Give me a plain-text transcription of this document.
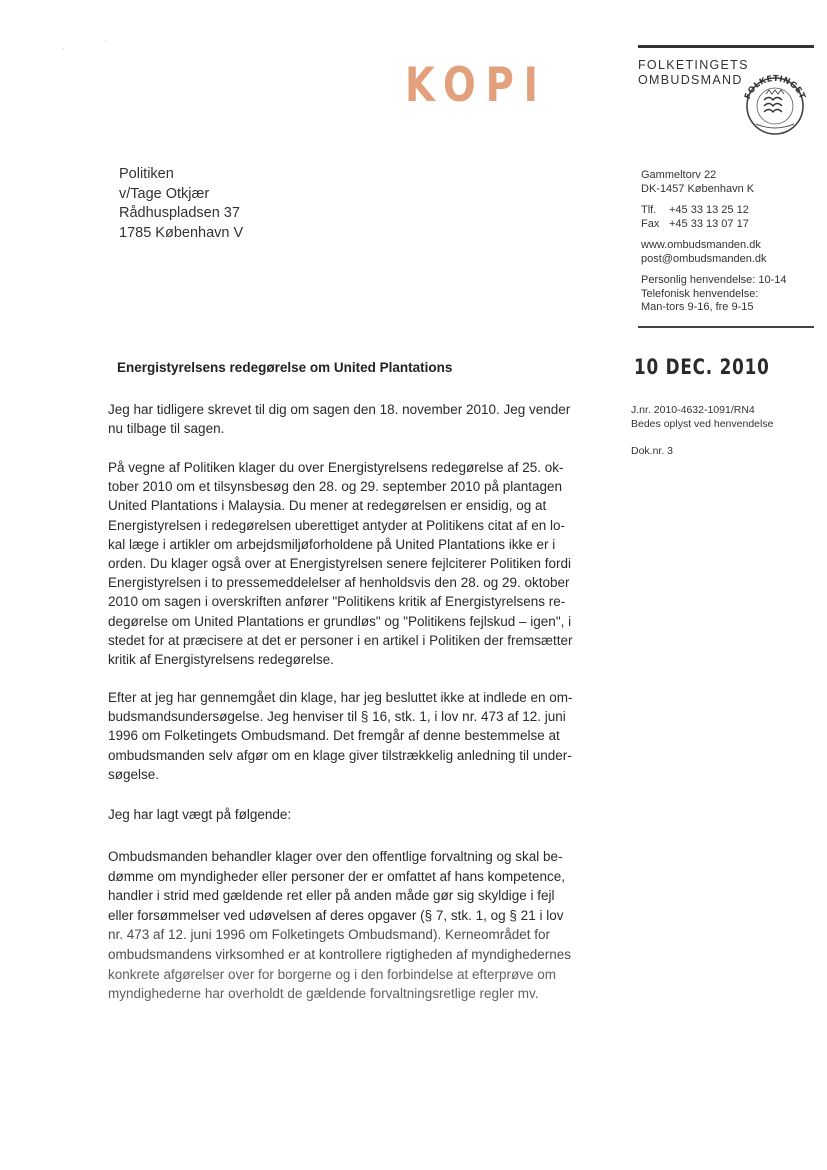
·
·
KOPI	FOLKETINGETS
OMBUDSMAND
FOLKETINGET
Politiken
v/Tage Otkjær
Rådhuspladsen 37
1785 København V
Gammeltorv 22
DK-1457 København K
Tlf.	+45 33 13 25 12
Fax +45 33 13 07 17
www.ombudsmanden.dk
post@ombudsmanden.dk
Personlig henvendelse: 10-14
Telefonisk henvendelse:
Man-tors 9-16, fre 9-15
Energistyrelsens redegørelse om United Plantations	10 DEC. 2010
J.nr. 2010-4632-1091/RN4
Bedes oplyst ved henvendelse
Dok.nr. 3
Jeg har tidligere skrevet til dig om sagen den 18. november 2010. Jeg vender
nu tilbage til sagen.
På vegne af Politiken klager du over Energistyrelsens redegørelse af 25. ok-
tober 2010 om et tilsynsbesøg den 28. og 29. september 2010 på plantagen
United Plantations i Malaysia. Du mener at redegørelsen er ensidig, og at
Energistyrelsen i redegørelsen uberettiget antyder at Politikens citat af en lo-
kal læge i artikler om arbejdsmiljøforholdene på United Plantations ikke er i
orden. Du klager også over at Energistyrelsen senere fejlciterer Politiken fordi
Energistyrelsen i to pressemeddelelser af henholdsvis den 28. og 29. oktober
2010 om sagen i overskriften anfører "Politikens kritik af Energistyrelsens re-
degørelse om United Plantations er grundløs" og "Politikens fejlskud – igen", i
stedet for at præcisere at det er personer i en artikel i Politiken der fremsætter
kritik af Energistyrelsens redegørelse.
Efter at jeg har gennemgået din klage, har jeg besluttet ikke at indlede en om-
budsmandsundersøgelse. Jeg henviser til § 16, stk. 1, i lov nr. 473 af 12. juni
1996 om Folketingets Ombudsmand. Det fremgår af denne bestemmelse at
ombudsmanden selv afgør om en klage giver tilstrækkelig anledning til under-
søgelse.
Jeg har lagt vægt på følgende:
Ombudsmanden behandler klager over den offentlige forvaltning og skal be-
dømme om myndigheder eller personer der er omfattet af hans kompetence,
handler i strid med gældende ret eller på anden måde gør sig skyldige i fejl
eller forsømmelser ved udøvelsen af deres opgaver (§ 7, stk. 1, og § 21 i lov
nr. 473 af 12. juni 1996 om Folketingets Ombudsmand). Kerneområdet for
ombudsmandens virksomhed er at kontrollere rigtigheden af myndighedernes
konkrete afgørelser over for borgerne og i den forbindelse at efterprøve om
myndighederne har overholdt de gældende forvaltningsretlige regler mv.
